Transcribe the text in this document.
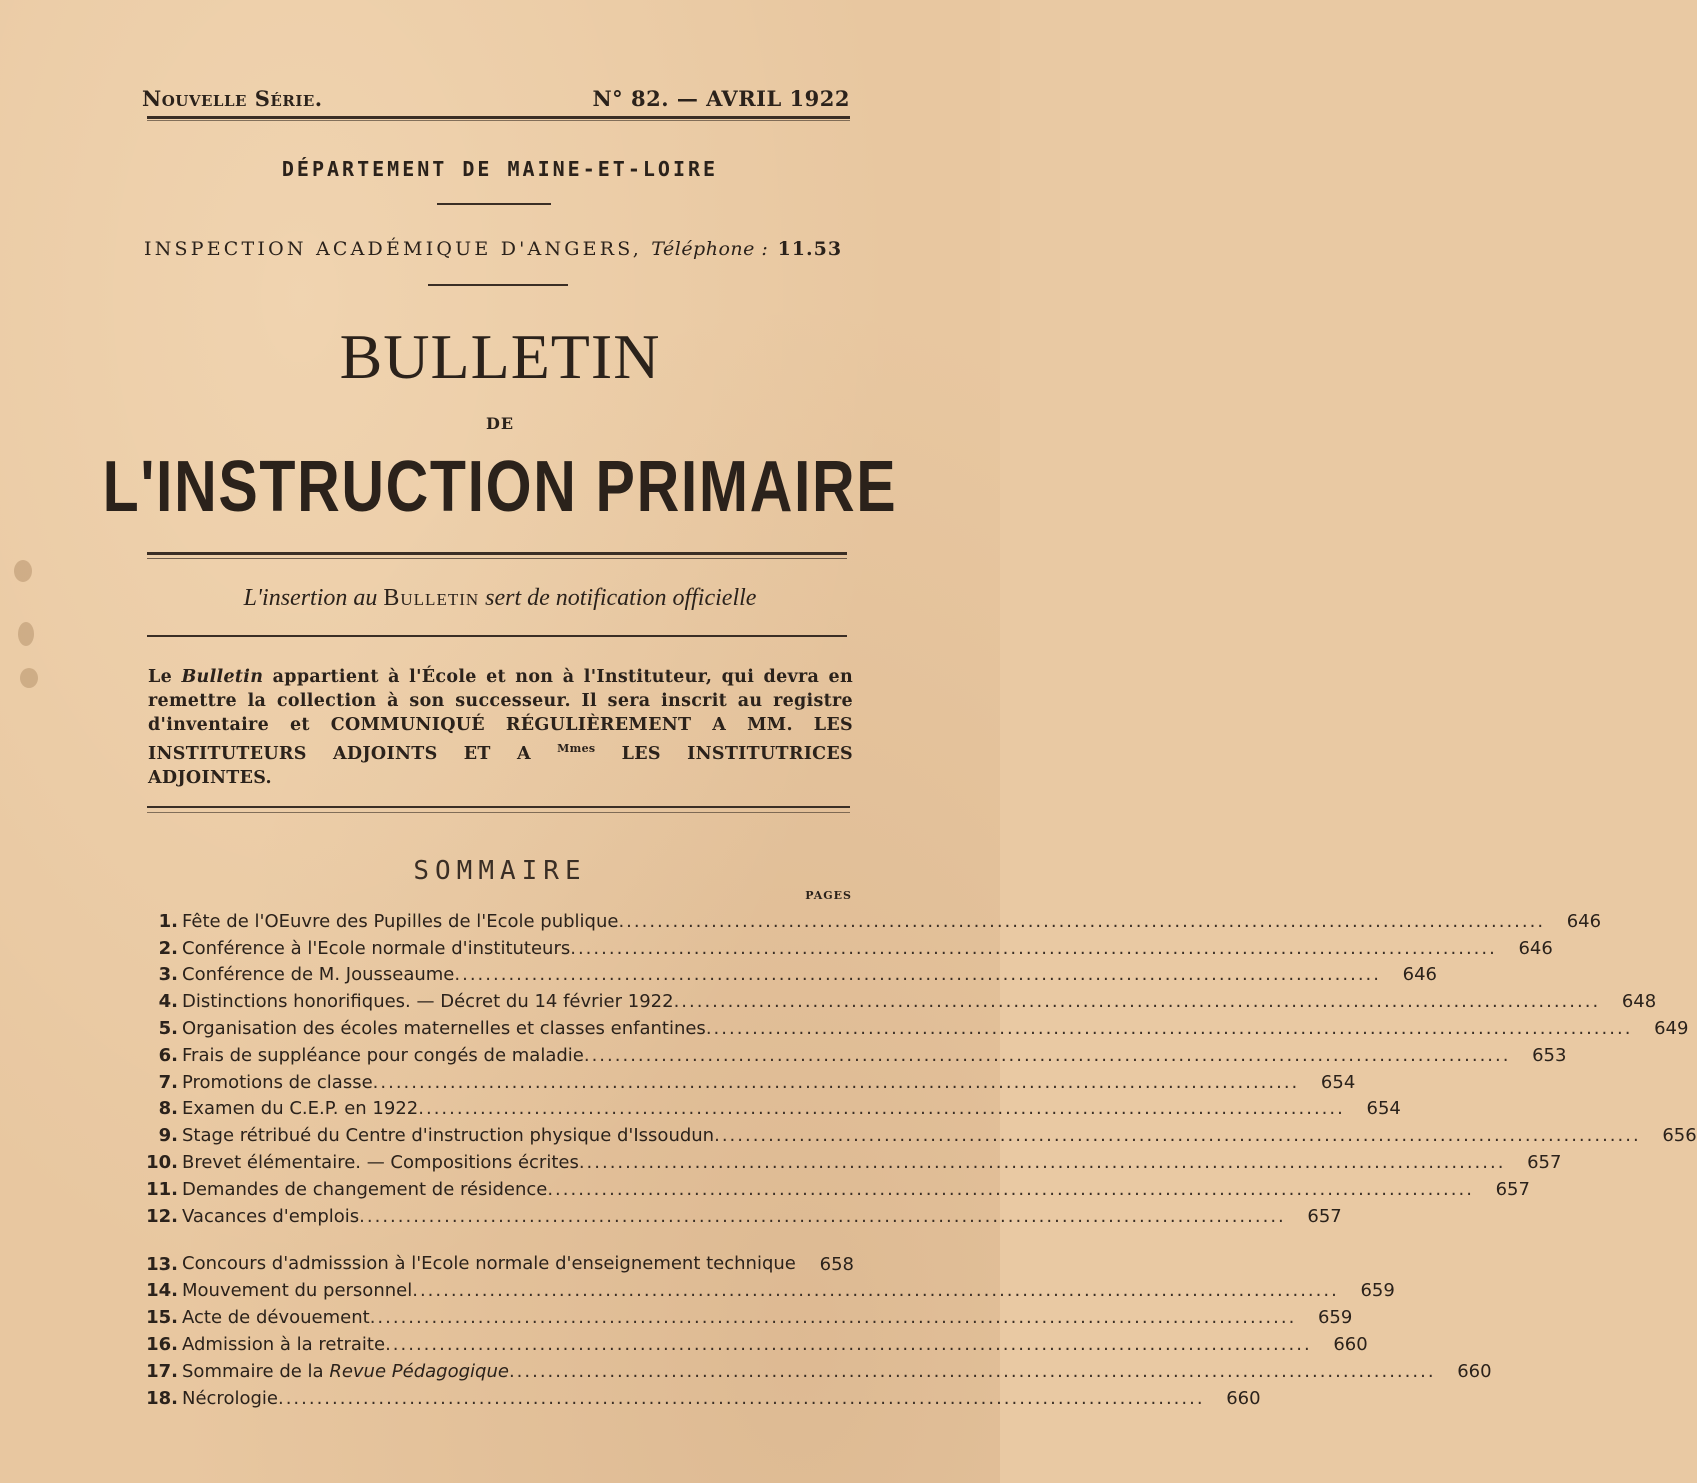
Nouvelle Série.	N° 82. — AVRIL 1922
DÉPARTEMENT DE MAINE-ET-LOIRE
INSPECTION ACADÉMIQUE D'ANGERS, Téléphone : 11.53
BULLETIN
DE
L'INSTRUCTION PRIMAIRE
L'insertion au Bulletin sert de notification officielle
Le Bulletin appartient à l'École et non à l'Instituteur, qui devra en remettre la collection à son successeur. Il sera inscrit au registre d'inventaire et COMMUNIQUÉ RÉGULIÈREMENT A MM. LES INSTITUTEURS ADJOINTS ET A $^{Mmes}$ LES INSTITUTRICES ADJOINTES.
SOMMAIRE
PAGES
1. Fête de l'OEuvre des Pupilles de l'Ecole publique ........................................................................................................................	646
2. Conférence à l'Ecole normale d'instituteurs ........................................................................................................................	646
3. Conférence de M. Jousseaume ........................................................................................................................	646
4. Distinctions honorifiques. — Décret du 14 février 1922 ........................................................................................................................	648
5. Organisation des écoles maternelles et classes enfantines ........................................................................................................................	649
6. Frais de suppléance pour congés de maladie ........................................................................................................................	653
7. Promotions de classe ........................................................................................................................	654
8. Examen du C.E.P. en 1922 ........................................................................................................................	654
9. Stage rétribué du Centre d'instruction physique d'Issoudun ........................................................................................................................	656
10. Brevet élémentaire. — Compositions écrites ........................................................................................................................	657
11. Demandes de changement de résidence ........................................................................................................................	657
12. Vacances d'emplois ........................................................................................................................	657
13. Concours d'admisssion à l'Ecole normale d'enseignement technique	658
14. Mouvement du personnel ........................................................................................................................	659
15. Acte de dévouement ........................................................................................................................	659
16. Admission à la retraite ........................................................................................................................	660
17. Sommaire de la Revue Pédagogique ........................................................................................................................	660
18. Nécrologie ........................................................................................................................	660
